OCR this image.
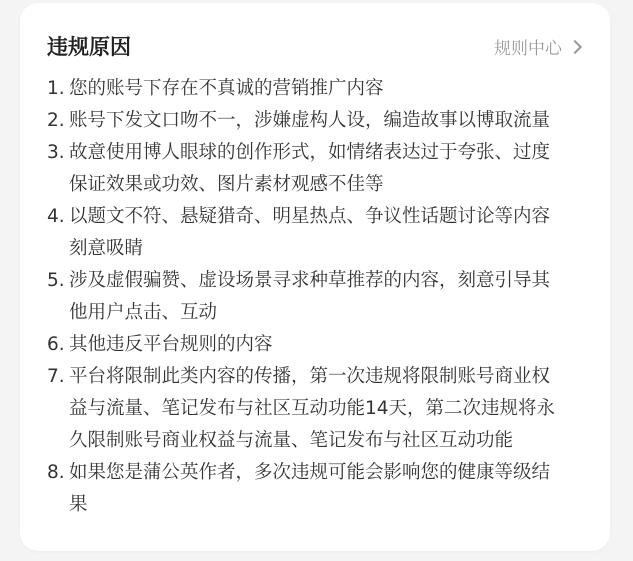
违规原因	规则中心
1. 您的账号下存在不真诚的营销推广内容
2. 账号下发文口吻不一，涉嫌虚构人设，编造故事以博取流量
3. 故意使用博人眼球的创作形式，如情绪表达过于夸张、过度
保证效果或功效、图片素材观感不佳等
4. 以题文不符、悬疑猎奇、明星热点、争议性话题讨论等内容
刻意吸睛
5. 涉及虚假骗赞、虚设场景寻求种草推荐的内容，刻意引导其
他用户点击、互动
6. 其他违反平台规则的内容
7. 平台将限制此类内容的传播，第一次违规将限制账号商业权
益与流量、笔记发布与社区互动功能14天，第二次违规将永
久限制账号商业权益与流量、笔记发布与社区互动功能
8. 如果您是蒲公英作者，多次违规可能会影响您的健康等级结
果
